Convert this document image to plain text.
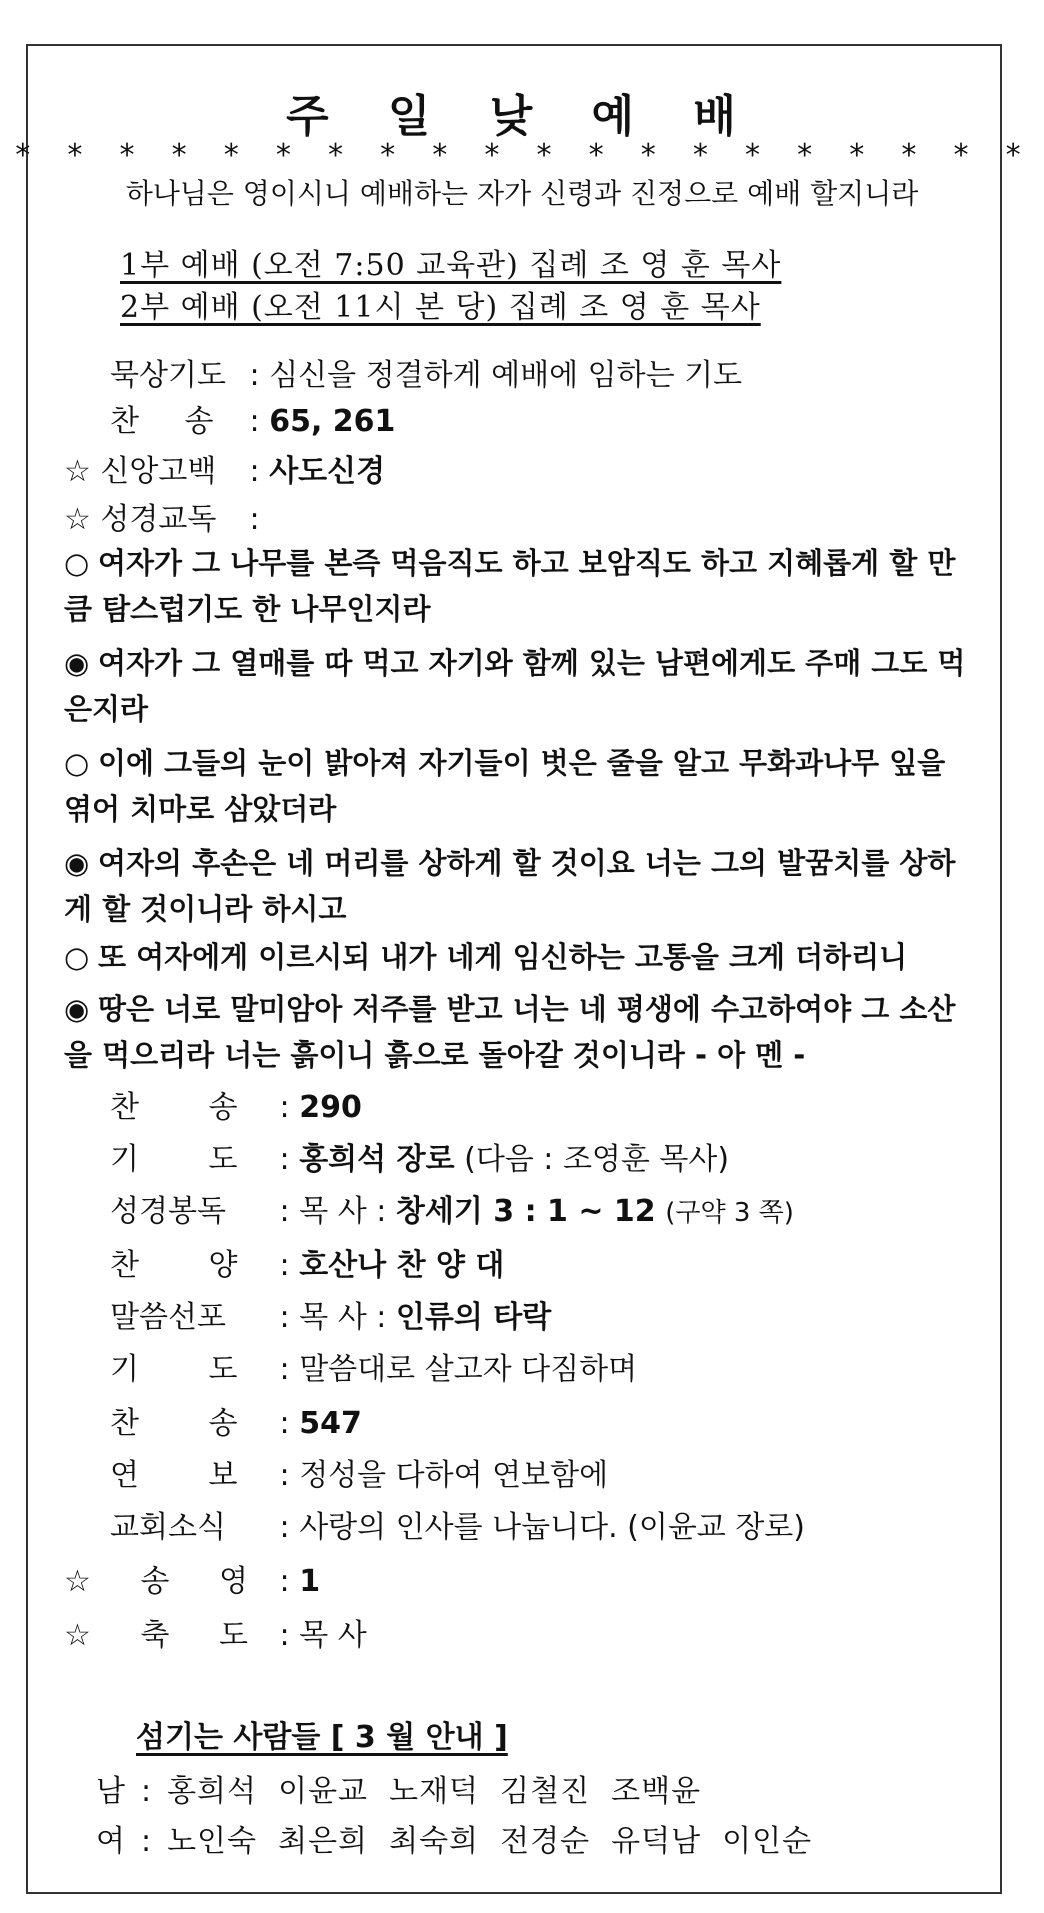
주 일 낮 예 배
* * * * * * * * * * * * * * * * * * * *
하나님은 영이시니 예배하는 자가 신령과 진정으로 예배 할지니라
1부 예배 (오전 7:50 교육관) 집례 조 영 훈 목사
2부 예배 (오전 11시 본 당) 집례 조 영 훈 목사
묵상기도 : 심신을 정결하게 예배에 임하는 기도
찬 송 : 65, 261
☆ 신앙고백 : 사도신경
☆ 성경교독 :
○ 여자가 그 나무를 본즉 먹음직도 하고 보암직도 하고 지혜롭게 할 만큼 탐스럽기도 한 나무인지라
◉ 여자가 그 열매를 따 먹고 자기와 함께 있는 남편에게도 주매 그도 먹은지라
○ 이에 그들의 눈이 밝아져 자기들이 벗은 줄을 알고 무화과나무 잎을 엮어 치마로 삼았더라
◉ 여자의 후손은 네 머리를 상하게 할 것이요 너는 그의 발꿈치를 상하게 할 것이니라 하시고
○ 또 여자에게 이르시되 내가 네게 임신하는 고통을 크게 더하리니
◉ 땅은 너로 말미암아 저주를 받고 너는 네 평생에 수고하여야 그 소산을 먹으리라 너는 흙이니 흙으로 돌아갈 것이니라 - 아 멘 -
찬 송 : 290
기 도 : 홍희석 장로 (다음 : 조영훈 목사)
성경봉독 : 목 사 : 창세기 3 : 1 ~ 12 (구약 3 쪽)
찬 양 : 호산나 찬 양 대
말씀선포 : 목 사 : 인류의 타락
기 도 : 말씀대로 살고자 다짐하며
찬 송 : 547
연 보 : 정성을 다하여 연보함에
교회소식 : 사랑의 인사를 나눕니다. (이윤교 장로)
☆ 송 영 : 1
☆ 축 도 : 목 사
섬기는 사람들 [ 3 월 안내 ]
남 : 홍희석  이윤교  노재덕  김철진  조백윤
여 : 노인숙  최은희  최숙희  전경순  유덕남  이인순
